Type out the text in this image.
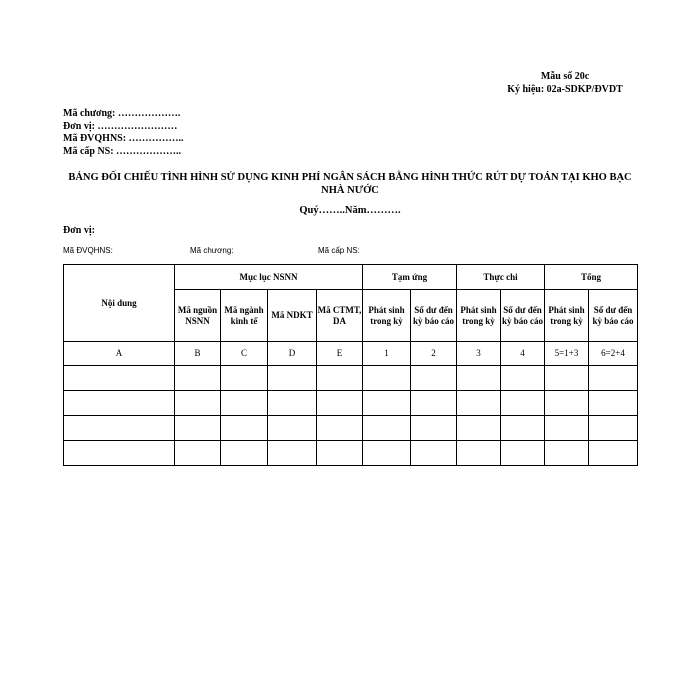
Mẫu số 20c
Ký hiệu: 02a-SDKP/ĐVDT
Mã chương: ……………….
Đơn vị: ……………………
Mã ĐVQHNS: ……………..
Mã cấp NS: ………………..
BẢNG ĐỐI CHIẾU TÌNH HÌNH SỬ DỤNG KINH PHÍ NGÂN SÁCH BẰNG HÌNH THỨC RÚT DỰ TOÁN TẠI KHO BẠC NHÀ NƯỚC
Quý……..Năm……….
Đơn vị:
Mã ĐVQHNS:	Mã chương:	Mã cấp NS:
Nội dung	Mục lục NSNN				Tạm ứng		Thực chi		Tổng	
	Mã nguồn NSNN	Mã ngành kinh tế	Mã NDKT	Mã CTMT, DA	Phát sinh trong kỳ	Số dư đến kỳ báo cáo	Phát sinh trong kỳ	Số dư đến kỳ báo cáo	Phát sinh trong kỳ	Số dư đến kỳ báo cáo
A	B	C	D	E	1	2	3	4	5=1+3	6=2+4
